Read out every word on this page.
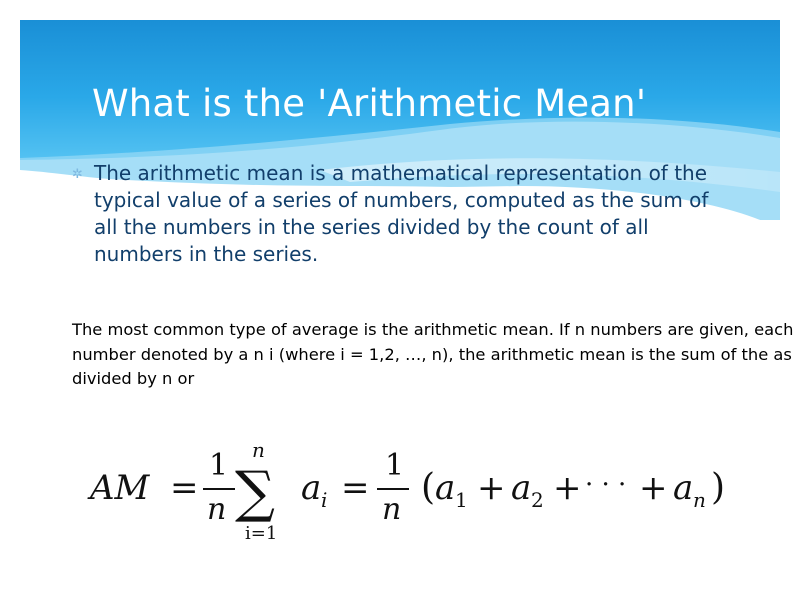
What is the 'Arithmetic Mean'
✲ The arithmetic mean is a mathematical representation of the typical value of a series of numbers, computed as the sum of all the numbers in the series divided by the count of all numbers in the series.

The most common type of average is the arithmetic mean. If n numbers are given, each number denoted by a n i (where i = 1,2, …, n), the arithmetic mean is the sum of the as divided by n or

AM =
1
n
n
∑
i=1
a i =
1
n
( a 1 + a 2 + · · · + a n )
